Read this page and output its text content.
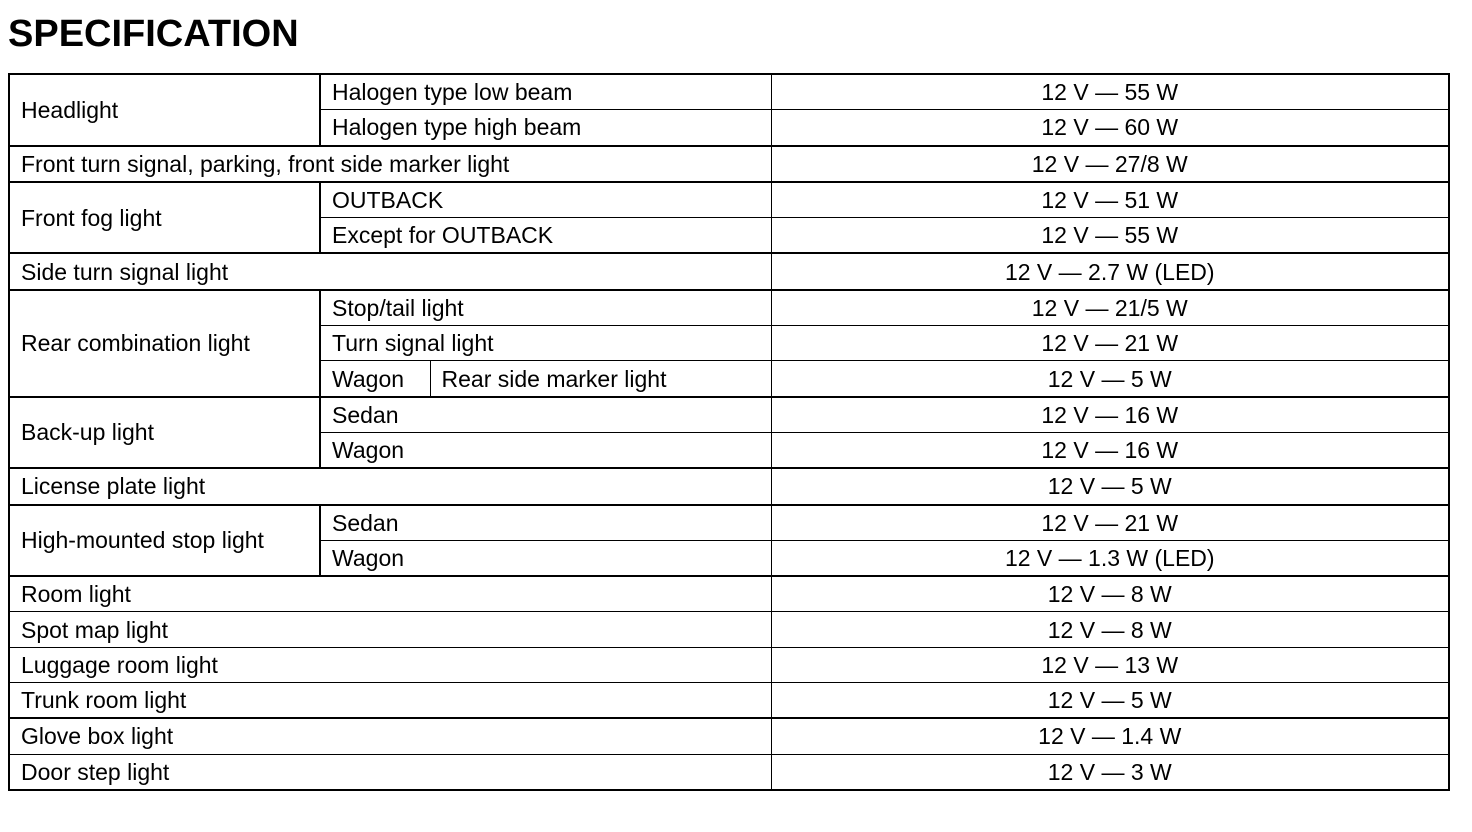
SPECIFICATION
Headlight	Halogen type low beam		12 V — 55 W
	Halogen type high beam		12 V — 60 W
Front turn signal, parking, front side marker light			12 V — 27/8 W
Front fog light	OUTBACK		12 V — 51 W
	Except for OUTBACK		12 V — 55 W
Side turn signal light			12 V — 2.7 W (LED)
Rear combination light	Stop/tail light		12 V — 21/5 W
	Turn signal light		12 V — 21 W
	Wagon	Rear side marker light	12 V — 5 W
Back-up light	Sedan		12 V — 16 W
	Wagon		12 V — 16 W
License plate light			12 V — 5 W
High-mounted stop light	Sedan		12 V — 21 W
	Wagon		12 V — 1.3 W (LED)
Room light			12 V — 8 W
Spot map light			12 V — 8 W
Luggage room light			12 V — 13 W
Trunk room light			12 V — 5 W
Glove box light			12 V — 1.4 W
Door step light			12 V — 3 W
